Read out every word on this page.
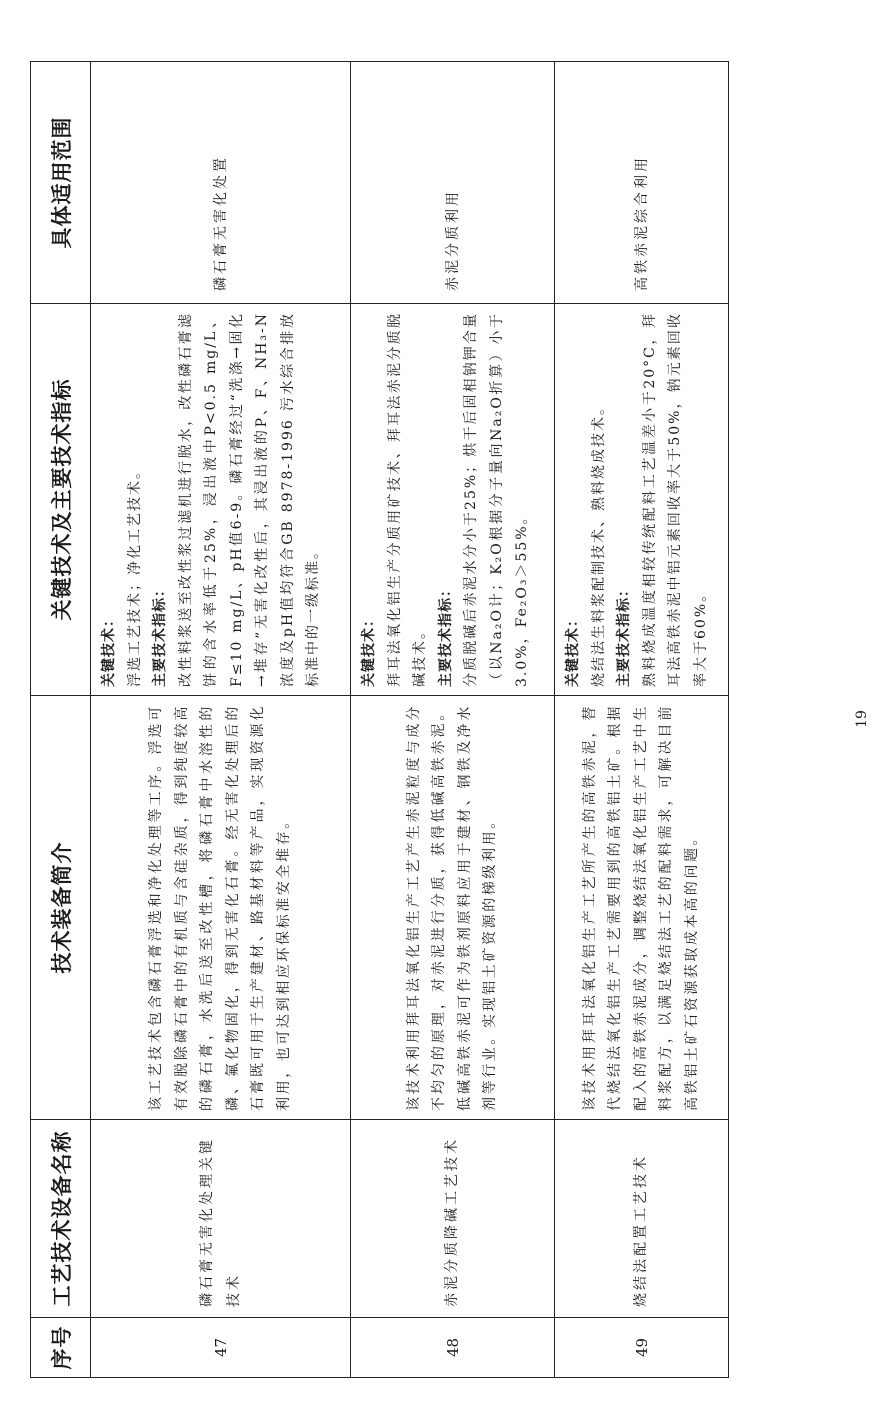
序号	工艺技术设备名称	技术装备简介	关键技术及主要技术指标	具体适用范围
47	磷石膏无害化处理关键技术	该工艺技术包含磷石膏浮选和净化处理等工序。浮选可有效脱除磷石膏中的有机质与含硅杂质，得到纯度较高的磷石膏，水洗后送至改性槽，将磷石膏中水溶性的磷、氟化物固化，得到无害化石膏。经无害化处理后的石膏既可用于生产建材、路基材料等产品，实现资源化利用，也可达到相应环保标准安全堆存。	关键技术： 浮选工艺技术；净化工艺技术。 主要技术指标： 改性料浆送至改性浆过滤机进行脱水，改性磷石膏滤饼的含水率低于25%，浸出液中P<0.5 mg/L、F≤10 mg/L、pH值6-9。磷石膏经过“洗涤→固化→堆存”无害化改性后，其浸出液的P、F、NH₃-N浓度及pH值均符合GB 8978-1996 污水综合排放标准中的一级标准。	磷石膏无害化处置
48	赤泥分质降碱工艺技术	该技术利用拜耳法氧化铝生产工艺产生赤泥粒度与成分不均匀的原理，对赤泥进行分质，获得低碱高铁赤泥。低碱高铁赤泥可作为铁剂原料应用于建材、钢铁及净水剂等行业。实现铝土矿资源的梯级利用。	关键技术： 拜耳法氧化铝生产分质用矿技术、拜耳法赤泥分质脱碱技术。 主要技术指标： 分质脱碱后赤泥水分小于25%；烘干后固相钠钾合量（以Na₂O计；K₂O根据分子量向Na₂O折算）小于3.0%，Fe₂O₃＞55%。	赤泥分质利用
49	烧结法配置工艺技术	该技术用拜耳法氧化铝生产工艺所产生的高铁赤泥，替代烧结法氧化铝生产工艺需要用到的高铁铝土矿。根据配入的高铁赤泥成分，调整烧结法氧化铝生产工艺中生料浆配方，以满足烧结法工艺的配料需求，可解决目前高铁铝土矿石资源获取成本高的问题。	关键技术： 烧结法生料浆配制技术、熟料烧成技术。 主要技术指标： 熟料烧成温度相较传统配料工艺温差小于20°C，拜耳法高铁赤泥中铝元素回收率大于50%，钠元素回收率大于60%。	高铁赤泥综合利用
19
